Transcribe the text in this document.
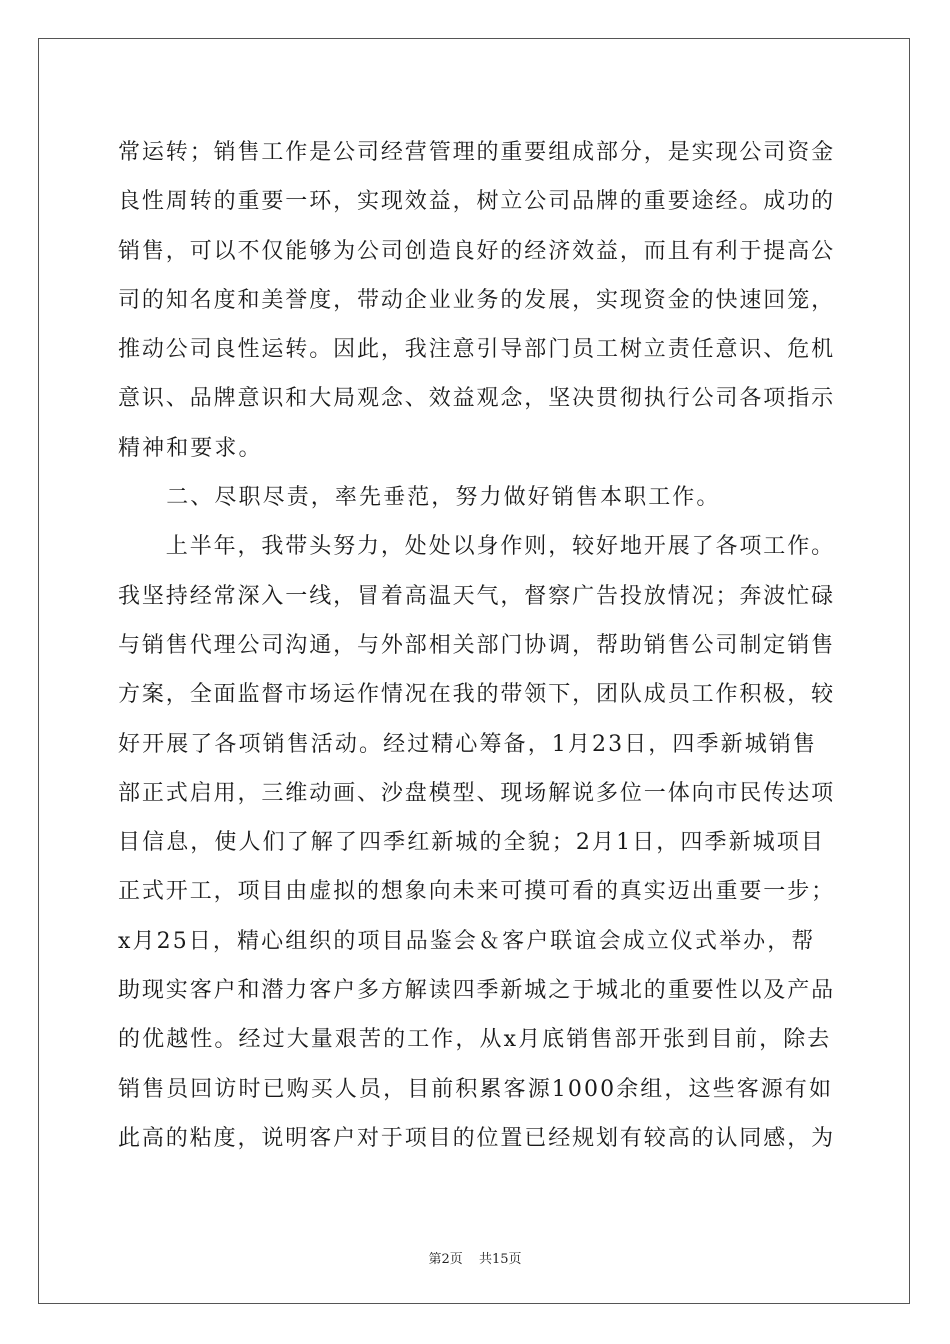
常运转；销售工作是公司经营管理的重要组成部分，是实现公司资金
良性周转的重要一环，实现效益，树立公司品牌的重要途经。成功的
销售，可以不仅能够为公司创造良好的经济效益，而且有利于提高公
司的知名度和美誉度，带动企业业务的发展，实现资金的快速回笼，
推动公司良性运转。因此，我注意引导部门员工树立责任意识、危机
意识、品牌意识和大局观念、效益观念，坚决贯彻执行公司各项指示
精神和要求。
　　二、尽职尽责，率先垂范，努力做好销售本职工作。
　　上半年，我带头努力，处处以身作则，较好地开展了各项工作。
我坚持经常深入一线，冒着高温天气，督察广告投放情况；奔波忙碌
与销售代理公司沟通，与外部相关部门协调，帮助销售公司制定销售
方案，全面监督市场运作情况在我的带领下，团队成员工作积极，较
好开展了各项销售活动。经过精心筹备，1月23日，四季新城销售
部正式启用，三维动画、沙盘模型、现场解说多位一体向市民传达项
目信息，使人们了解了四季红新城的全貌；2月1日，四季新城项目
正式开工，项目由虚拟的想象向未来可摸可看的真实迈出重要一步；
x月25日，精心组织的项目品鉴会＆客户联谊会成立仪式举办，帮
助现实客户和潜力客户多方解读四季新城之于城北的重要性以及产品
的优越性。经过大量艰苦的工作，从x月底销售部开张到目前，除去
销售员回访时已购买人员，目前积累客源1000余组，这些客源有如
此高的粘度，说明客户对于项目的位置已经规划有较高的认同感，为
第2页 共15页
